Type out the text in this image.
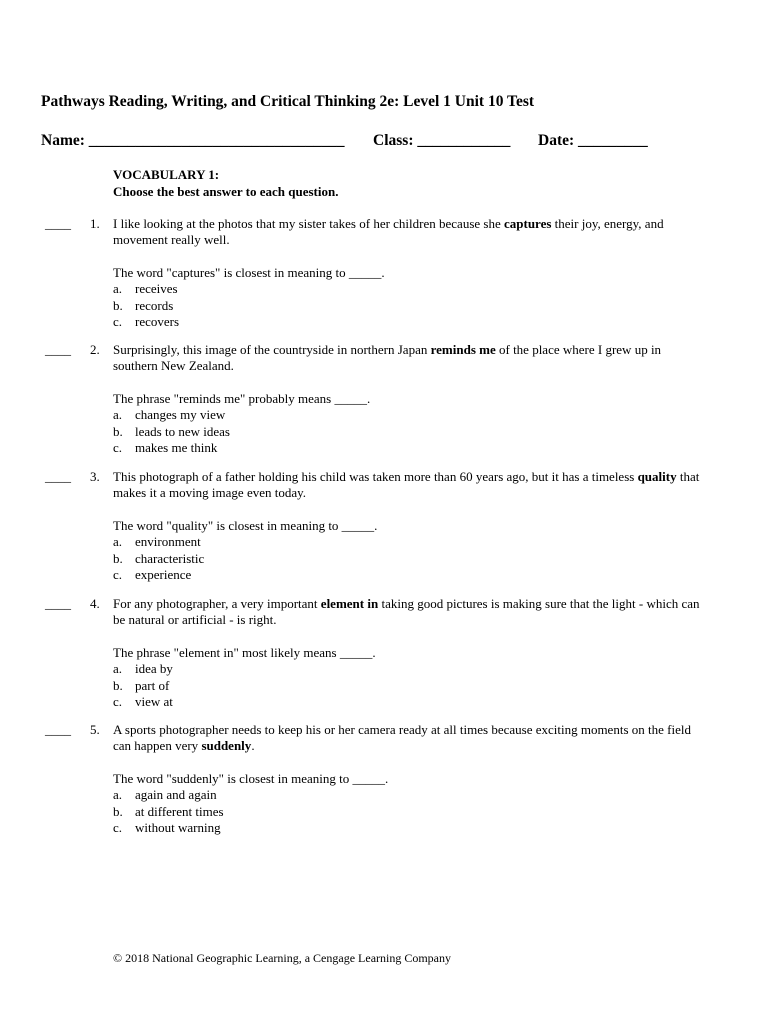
Pathways Reading, Writing, and Critical Thinking 2e: Level 1 Unit 10 Test
Name: _________________________________ Class: ____________ Date: _________
VOCABULARY 1:
Choose the best answer to each question.
____ 1. I like looking at the photos that my sister takes of her children because she captures their joy, energy, and movement really well.

The word "captures" is closest in meaning to _____.

a. receives
b. records
c. recovers
____ 2. Surprisingly, this image of the countryside in northern Japan reminds me of the place where I grew up in southern New Zealand.

The phrase "reminds me" probably means _____.

a. changes my view
b. leads to new ideas
c. makes me think
____ 3. This photograph of a father holding his child was taken more than 60 years ago, but it has a timeless quality that makes it a moving image even today.

The word "quality" is closest in meaning to _____.

a. environment
b. characteristic
c. experience
____ 4. For any photographer, a very important element in taking good pictures is making sure that the light - which can be natural or artificial - is right.

The phrase "element in" most likely means _____.

a. idea by
b. part of
c. view at
____ 5. A sports photographer needs to keep his or her camera ready at all times because exciting moments on the field can happen very suddenly.

The word "suddenly" is closest in meaning to _____.

a. again and again
b. at different times
c. without warning
© 2018 National Geographic Learning, a Cengage Learning Company
